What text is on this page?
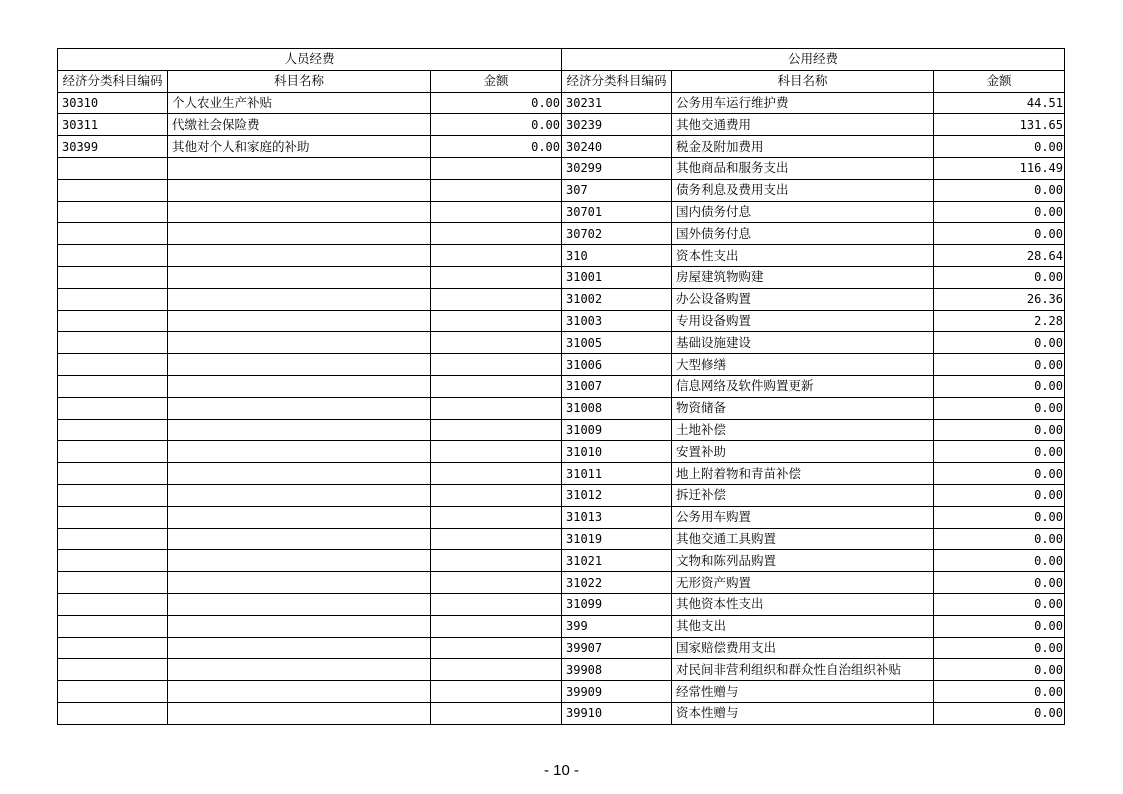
人员经费		
经济分类科目编码	科目名称	金额
30310	个人农业生产补贴	0.00
30311	代缴社会保险费	0.00
30399	其他对个人和家庭的补助	0.00

公用经费		
经济分类科目编码	科目名称	金额
30231	公务用车运行维护费	44.51
30239	其他交通费用	131.65
30240	税金及附加费用	0.00
30299	其他商品和服务支出	116.49
307	债务利息及费用支出	0.00
30701	国内债务付息	0.00
30702	国外债务付息	0.00
310	资本性支出	28.64
31001	房屋建筑物购建	0.00
31002	办公设备购置	26.36
31003	专用设备购置	2.28
31005	基础设施建设	0.00
31006	大型修缮	0.00
31007	信息网络及软件购置更新	0.00
31008	物资储备	0.00
31009	土地补偿	0.00
31010	安置补助	0.00
31011	地上附着物和青苗补偿	0.00
31012	拆迁补偿	0.00
31013	公务用车购置	0.00
31019	其他交通工具购置	0.00
31021	文物和陈列品购置	0.00
31022	无形资产购置	0.00
31099	其他资本性支出	0.00
399	其他支出	0.00
39907	国家赔偿费用支出	0.00
39908	对民间非营利组织和群众性自治组织补贴	0.00
39909	经常性赠与	0.00
39910	资本性赠与	0.00
- 10 -
